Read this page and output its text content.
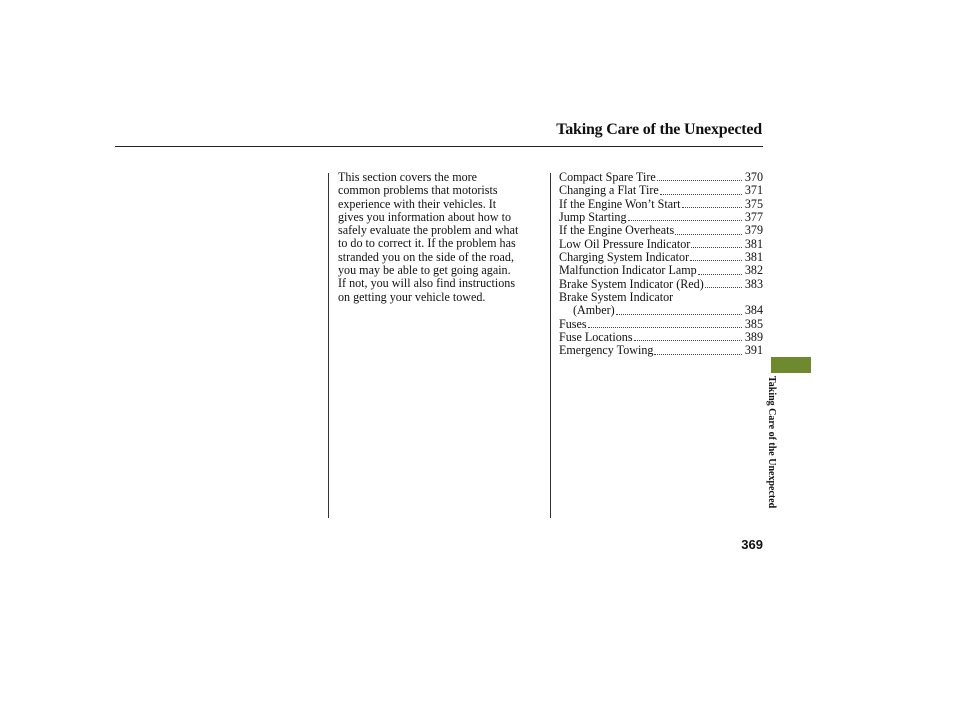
Taking Care of the Unexpected
This section covers the more
common problems that motorists
experience with their vehicles. It
gives you information about how to
safely evaluate the problem and what
to do to correct it. If the problem has
stranded you on the side of the road,
you may be able to get going again.
If not, you will also find instructions
on getting your vehicle towed.
Compact Spare Tire	370
Changing a Flat Tire	371
If the Engine Won’t Start	375
Jump Starting	377
If the Engine Overheats	379
Low Oil Pressure Indicator	381
Charging System Indicator	381
Malfunction Indicator Lamp	382
Brake System Indicator (Red)	383
Brake System Indicator
(Amber)	384
Fuses	385
Fuse Locations	389
Emergency Towing	391
Taking Care of the Unexpected
369
